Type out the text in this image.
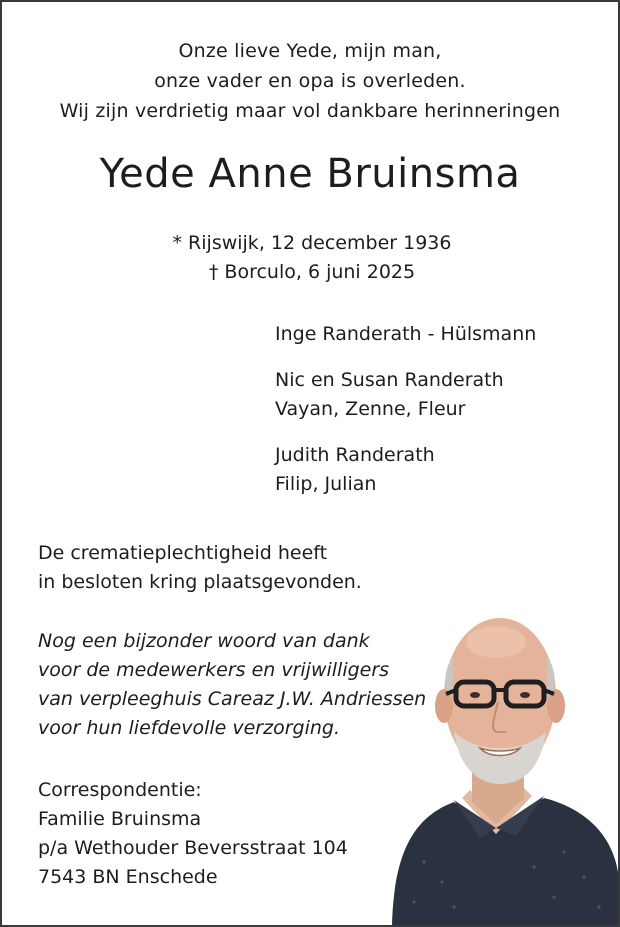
Onze lieve Yede, mijn man,
onze vader en opa is overleden.
Wij zijn verdrietig maar vol dankbare herinneringen
Yede Anne Bruinsma
* Rijswijk, 12 december 1936
† Borculo, 6 juni 2025
Inge Randerath - Hülsmann
Nic en Susan Randerath
Vayan, Zenne, Fleur
Judith Randerath
Filip, Julian
De crematieplechtigheid heeft
in besloten kring plaatsgevonden.
Nog een bijzonder woord van dank
voor de medewerkers en vrijwilligers
van verpleeghuis Careaz J.W. Andriessen
voor hun liefdevolle verzorging.
Correspondentie:
Familie Bruinsma
p/a Wethouder Beversstraat 104
7543 BN Enschede
